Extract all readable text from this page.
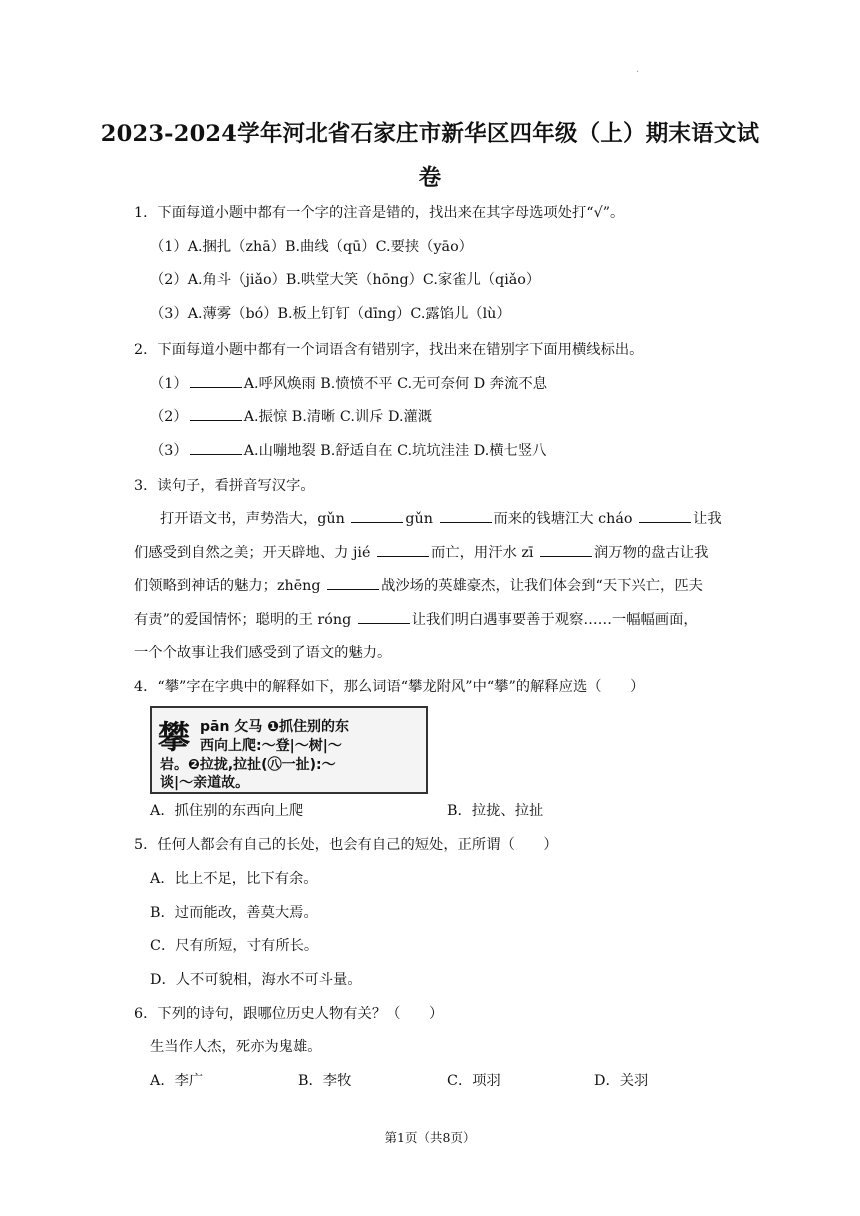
.
2023-2024学年河北省石家庄市新华区四年级（上）期末语文试
卷
1．下面每道小题中都有一个字的注音是错的，找出来在其字母选项处打“√”。
（1）A.捆扎（zhā）B.曲线（qū）C.要挟（yāo）
（2）A.角斗（jiǎo）B.哄堂大笑（hōng）C.家雀儿（qiǎo）
（3）A.薄雾（bó）B.板上钉钉（dīng）C.露馅儿（lù）
2．下面每道小题中都有一个词语含有错别字，找出来在错别字下面用横线标出。
（1）	A.呼风焕雨 B.愤愤不平 C.无可奈何 D 奔流不息
（2）	A.振惊 B.清晰 C.训斥 D.灌溉
（3）	A.山嘣地裂 B.舒适自在 C.坑坑洼洼 D.横七竖八
3．读句子，看拼音写汉字。
打开语文书，声势浩大，gǔn	gǔn	而来的钱塘江大 cháo	让我
们感受到自然之美；开天辟地、力 jié	而亡，用汗水 zī	润万物的盘古让我
们领略到神话的魅力；zhēng	战沙场的英雄豪杰，让我们体会到“天下兴亡，匹夫
有责”的爱国情怀；聪明的王 róng	让我们明白遇事要善于观察……一幅幅画面，
一个个故事让我们感受到了语文的魅力。
4．“攀”字在字典中的解释如下，那么词语“攀龙附风”中“攀”的解释应选（　　）
攀 pān 攵马 ❶抓住别的东
西向上爬:～登|～树|～
岩。❷拉拢,拉扯(㊇一扯):～
谈|～亲道故。
A．抓住别的东西向上爬	B．拉拢、拉扯
5．任何人都会有自己的长处，也会有自己的短处，正所谓（　　）
A．比上不足，比下有余。
B．过而能改，善莫大焉。
C．尺有所短，寸有所长。
D．人不可貌相，海水不可斗量。
6．下列的诗句，跟哪位历史人物有关？（　　）
生当作人杰，死亦为鬼雄。
A．李广	B．李牧	C．项羽	D．关羽
第1页（共8页）
